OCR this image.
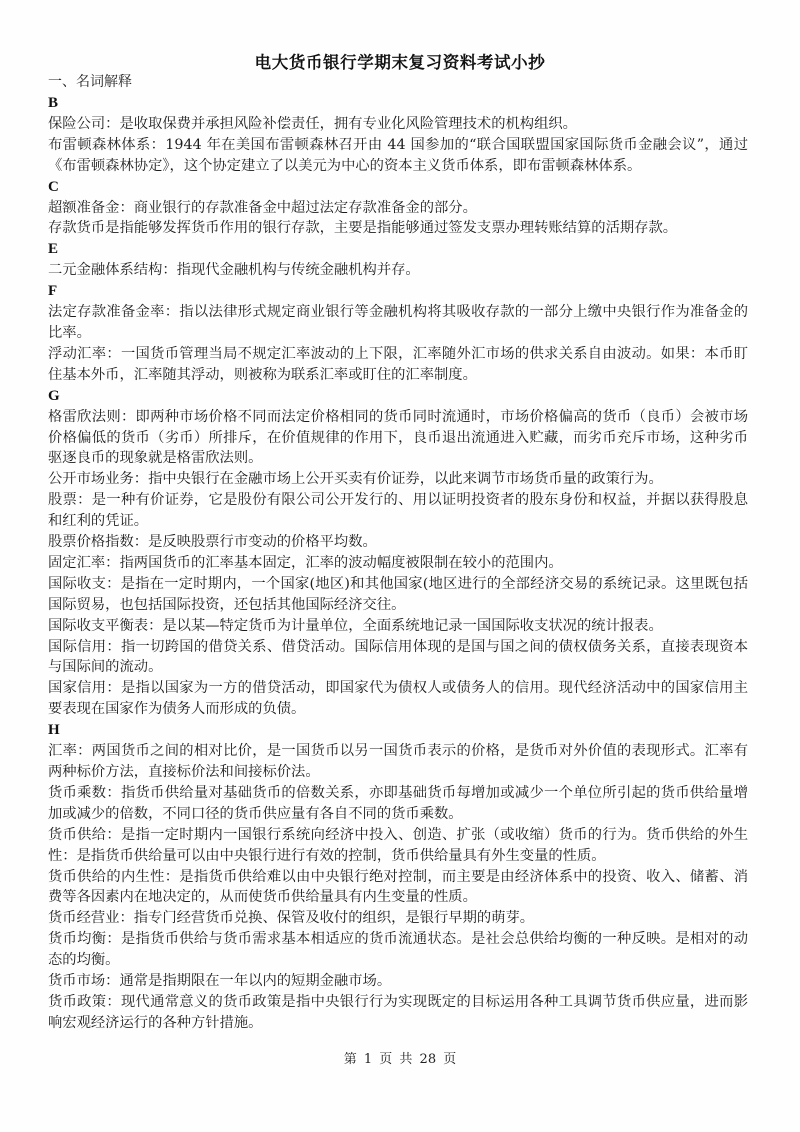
电大货币银行学期末复习资料考试小抄

一、名词解释

B

保险公司：是收取保费并承担风险补偿责任，拥有专业化风险管理技术的机构组织。

布雷顿森林体系：1944 年在美国布雷顿森林召开由 44 国参加的“联合国联盟国家国际货币金融会议”，通过《布雷顿森林协定》，这个协定建立了以美元为中心的资本主义货币体系，即布雷顿森林体系。

C

超额准备金：商业银行的存款准备金中超过法定存款准备金的部分。

存款货币是指能够发挥货币作用的银行存款，主要是指能够通过签发支票办理转账结算的活期存款。

E

二元金融体系结构：指现代金融机构与传统金融机构并存。

F

法定存款准备金率：指以法律形式规定商业银行等金融机构将其吸收存款的一部分上缴中央银行作为准备金的比率。

浮动汇率：一国货币管理当局不规定汇率波动的上下限，汇率随外汇市场的供求关系自由波动。如果：本币盯住基本外币，汇率随其浮动，则被称为联系汇率或盯住的汇率制度。

G

格雷欣法则：即两种市场价格不同而法定价格相同的货币同时流通时，市场价格偏高的货币（良币）会被市场价格偏低的货币（劣币）所排斥，在价值规律的作用下，良币退出流通进入贮藏，而劣币充斥市场，这种劣币驱逐良币的现象就是格雷欣法则。

公开市场业务：指中央银行在金融市场上公开买卖有价证券，以此来调节市场货币量的政策行为。

股票：是一种有价证券，它是股份有限公司公开发行的、用以证明投资者的股东身份和权益，并据以获得股息和红利的凭证。

股票价格指数：是反映股票行市变动的价格平均数。

固定汇率：指两国货币的汇率基本固定，汇率的波动幅度被限制在较小的范围内。

国际收支：是指在一定时期内，一个国家(地区)和其他国家(地区进行的全部经济交易的系统记录。这里既包括国际贸易，也包括国际投资，还包括其他国际经济交往。

国际收支平衡表：是以某—特定货币为计量单位，全面系统地记录一国国际收支状况的统计报表。

国际信用：指一切跨国的借贷关系、借贷活动。国际信用体现的是国与国之间的债权债务关系，直接表现资本与国际间的流动。

国家信用：是指以国家为一方的借贷活动，即国家代为债权人或债务人的信用。现代经济活动中的国家信用主要表现在国家作为债务人而形成的负债。

H

汇率：两国货币之间的相对比价，是一国货币以另一国货币表示的价格，是货币对外价值的表现形式。汇率有两种标价方法，直接标价法和间接标价法。

货币乘数：指货币供给量对基础货币的倍数关系，亦即基础货币每增加或减少一个单位所引起的货币供给量增加或减少的倍数，不同口径的货币供应量有各自不同的货币乘数。

货币供给：是指一定时期内一国银行系统向经济中投入、创造、扩张（或收缩）货币的行为。货币供给的外生性：是指货币供给量可以由中央银行进行有效的控制，货币供给量具有外生变量的性质。

货币供给的内生性：是指货币供给难以由中央银行绝对控制，而主要是由经济体系中的投资、收入、储蓄、消费等各因素内在地决定的，从而使货币供给量具有内生变量的性质。

货币经营业：指专门经营货币兑换、保管及收付的组织，是银行早期的萌芽。

货币均衡：是指货币供给与货币需求基本相适应的货币流通状态。是社会总供给均衡的一种反映。是相对的动态的均衡。

货币市场：通常是指期限在一年以内的短期金融市场。

货币政策：现代通常意义的货币政策是指中央银行行为实现既定的目标运用各种工具调节货币供应量，进而影响宏观经济运行的各种方针措施。

第 1 页 共 28 页
